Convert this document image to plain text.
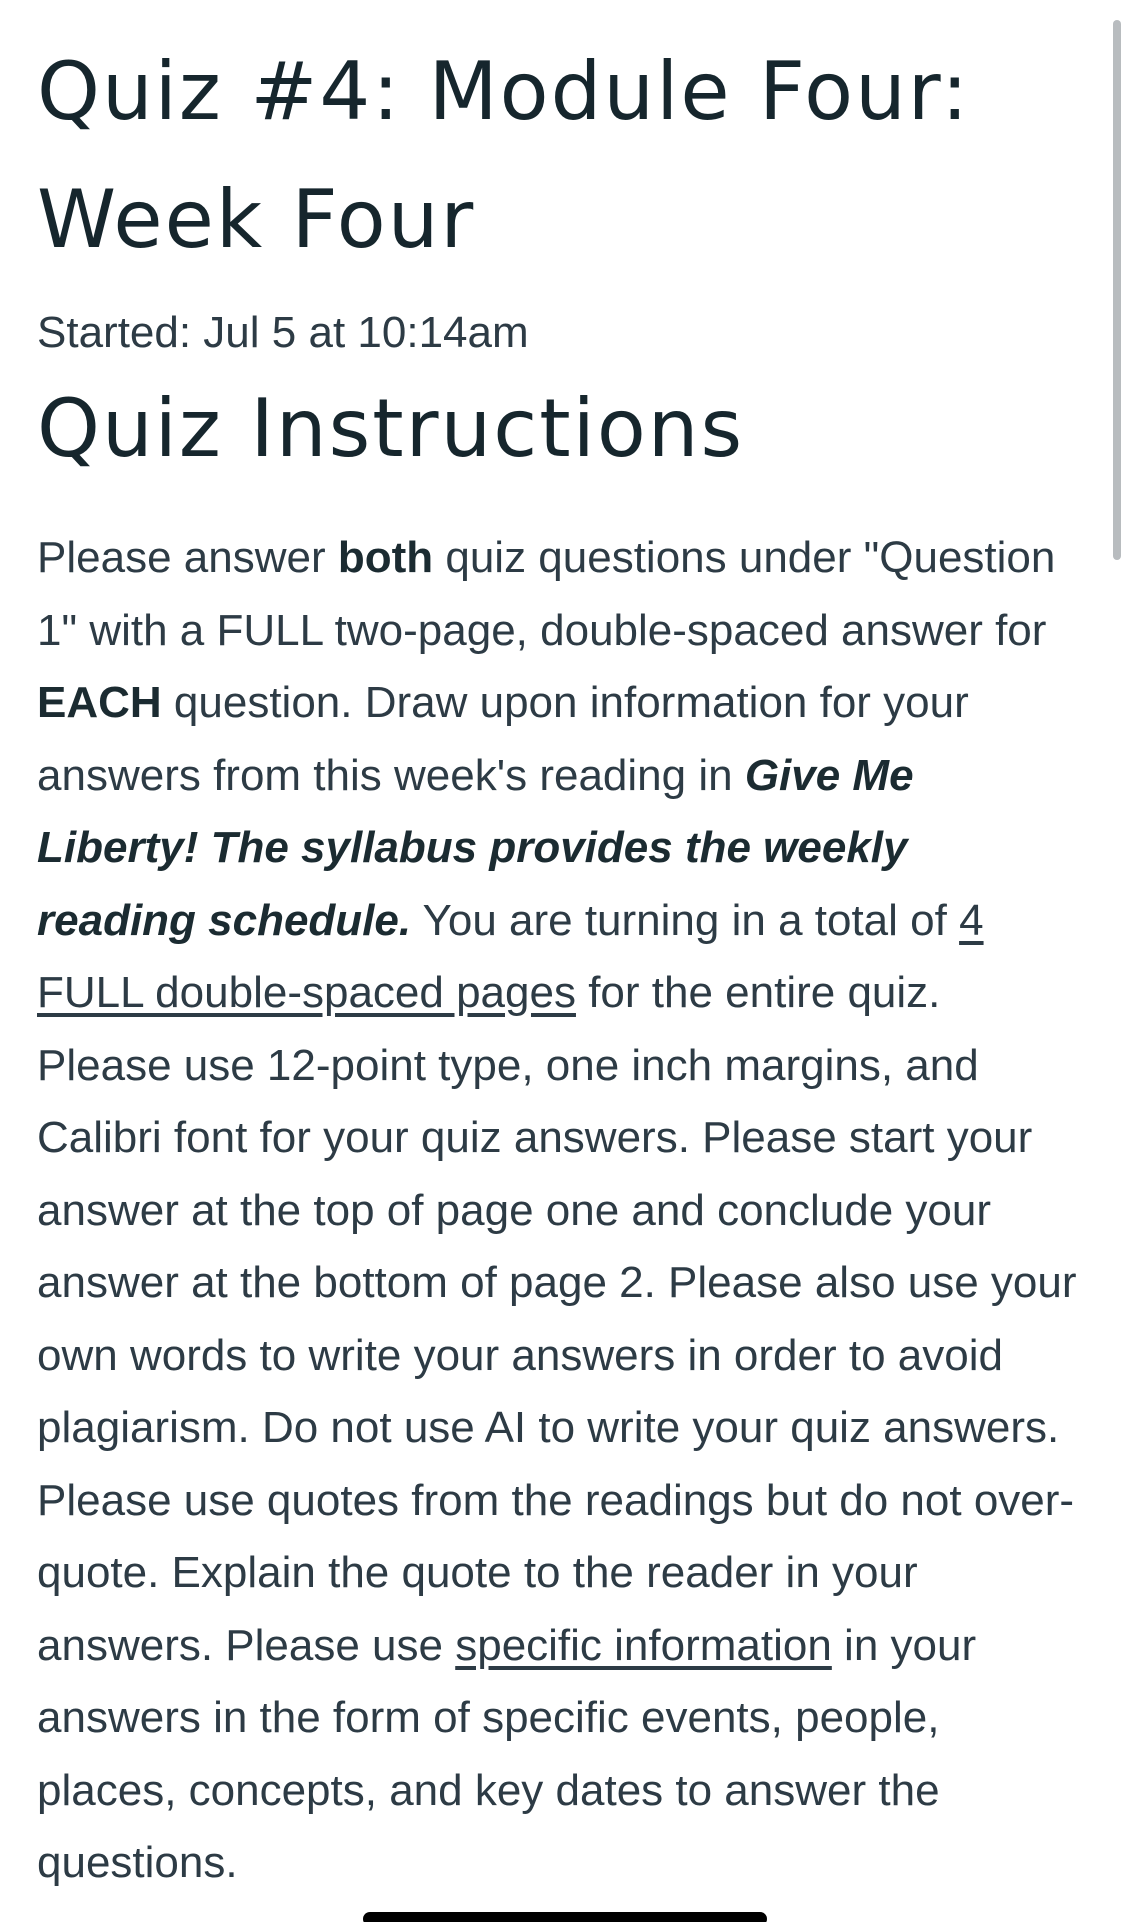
Quiz #4: Module Four: Week Four
Started: Jul 5 at 10:14am
Quiz Instructions
Please answer both quiz questions under "Question 1" with a FULL two-page, double-spaced answer for EACH question. Draw upon information for your answers from this week's reading in Give Me Liberty! The syllabus provides the weekly reading schedule. You are turning in a total of 4 FULL double-spaced pages for the entire quiz. Please use 12-point type, one inch margins, and Calibri font for your quiz answers. Please start your answer at the top of page one and conclude your answer at the bottom of page 2. Please also use your own words to write your answers in order to avoid plagiarism. Do not use AI to write your quiz answers. Please use quotes from the readings but do not over-quote. Explain the quote to the reader in your answers. Please use specific information in your answers in the form of specific events, people, places, concepts, and key dates to answer the questions.
